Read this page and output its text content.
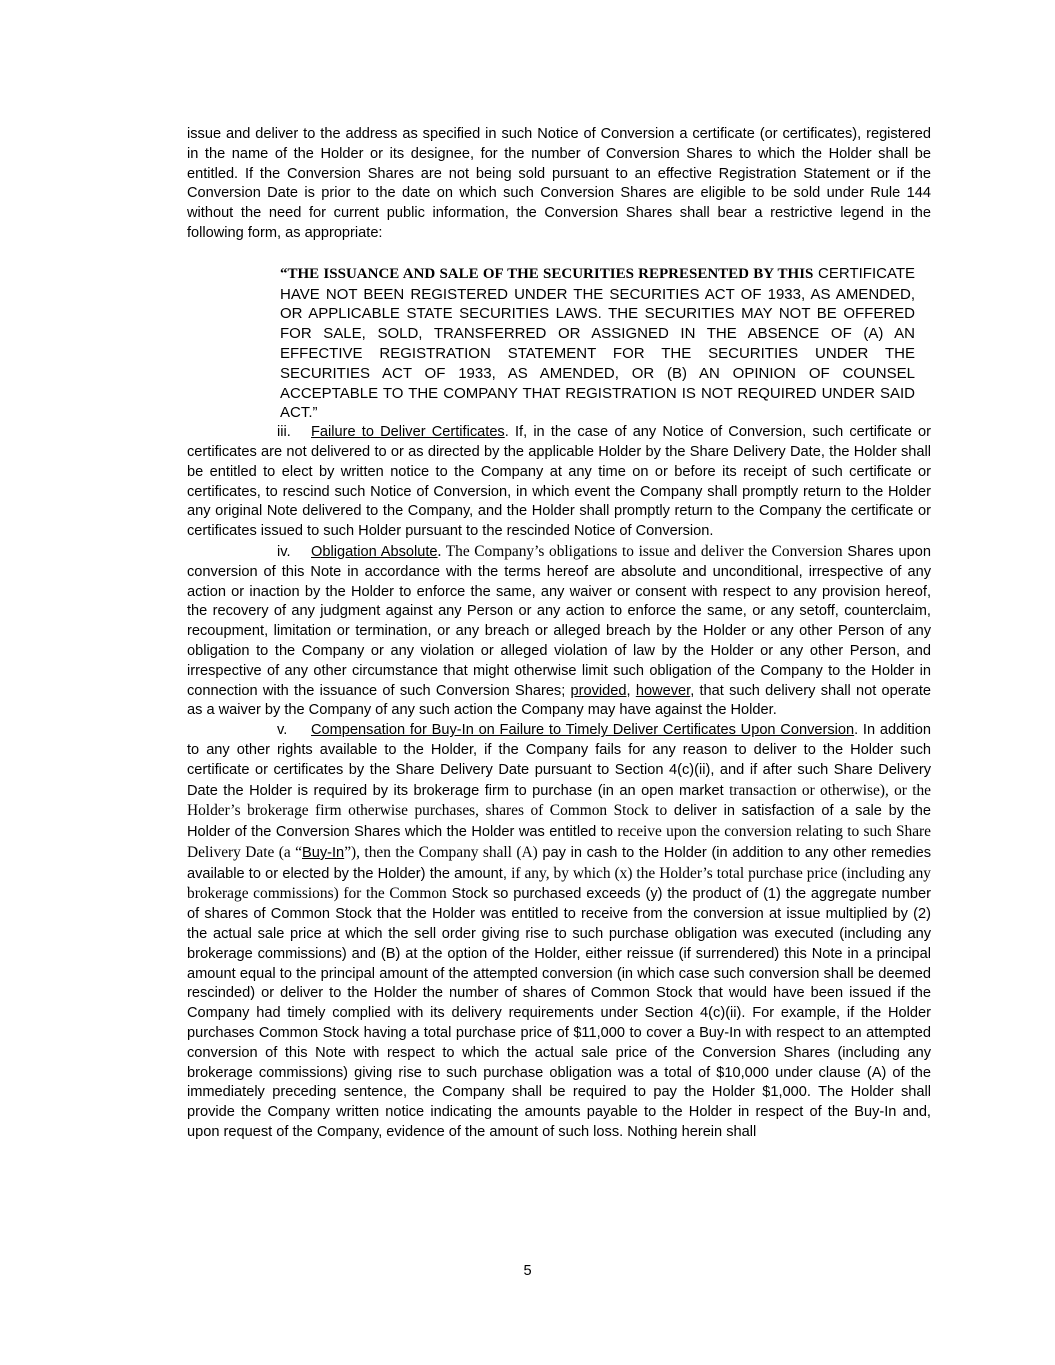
issue and deliver to the address as specified in such Notice of Conversion a certificate (or certificates), registered in the name of the Holder or its designee, for the number of Conversion Shares to which the Holder shall be entitled. If the Conversion Shares are not being sold pursuant to an effective Registration Statement or if the Conversion Date is prior to the date on which such Conversion Shares are eligible to be sold under Rule 144 without the need for current public information, the Conversion Shares shall bear a restrictive legend in the following form, as appropriate:

“THE ISSUANCE AND SALE OF THE SECURITIES REPRESENTED BY THIS CERTIFICATE HAVE NOT BEEN REGISTERED UNDER THE SECURITIES ACT OF 1933, AS AMENDED, OR APPLICABLE STATE SECURITIES LAWS. THE SECURITIES MAY NOT BE OFFERED FOR SALE, SOLD, TRANSFERRED OR ASSIGNED IN THE ABSENCE OF (A) AN EFFECTIVE REGISTRATION STATEMENT FOR THE SECURITIES UNDER THE SECURITIES ACT OF 1933, AS AMENDED, OR (B) AN OPINION OF COUNSEL ACCEPTABLE TO THE COMPANY THAT REGISTRATION IS NOT REQUIRED UNDER SAID ACT.”

iii. Failure to Deliver Certificates. If, in the case of any Notice of Conversion, such certificate or certificates are not delivered to or as directed by the applicable Holder by the Share Delivery Date, the Holder shall be entitled to elect by written notice to the Company at any time on or before its receipt of such certificate or certificates, to rescind such Notice of Conversion, in which event the Company shall promptly return to the Holder any original Note delivered to the Company, and the Holder shall promptly return to the Company the certificate or certificates issued to such Holder pursuant to the rescinded Notice of Conversion.

iv. Obligation Absolute. The Company’s obligations to issue and deliver the Conversion Shares upon conversion of this Note in accordance with the terms hereof are absolute and unconditional, irrespective of any action or inaction by the Holder to enforce the same, any waiver or consent with respect to any provision hereof, the recovery of any judgment against any Person or any action to enforce the same, or any setoff, counterclaim, recoupment, limitation or termination, or any breach or alleged breach by the Holder or any other Person of any obligation to the Company or any violation or alleged violation of law by the Holder or any other Person, and irrespective of any other circumstance that might otherwise limit such obligation of the Company to the Holder in connection with the issuance of such Conversion Shares; provided, however, that such delivery shall not operate as a waiver by the Company of any such action the Company may have against the Holder.

v. Compensation for Buy-In on Failure to Timely Deliver Certificates Upon Conversion. In addition to any other rights available to the Holder, if the Company fails for any reason to deliver to the Holder such certificate or certificates by the Share Delivery Date pursuant to Section 4(c)(ii), and if after such Share Delivery Date the Holder is required by its brokerage firm to purchase (in an open market transaction or otherwise), or the Holder’s brokerage firm otherwise purchases, shares of Common Stock to deliver in satisfaction of a sale by the Holder of the Conversion Shares which the Holder was entitled to receive upon the conversion relating to such Share Delivery Date (a “Buy-In”), then the Company shall (A) pay in cash to the Holder (in addition to any other remedies available to or elected by the Holder) the amount, if any, by which (x) the Holder’s total purchase price (including any brokerage commissions) for the Common Stock so purchased exceeds (y) the product of (1) the aggregate number of shares of Common Stock that the Holder was entitled to receive from the conversion at issue multiplied by (2) the actual sale price at which the sell order giving rise to such purchase obligation was executed (including any brokerage commissions) and (B) at the option of the Holder, either reissue (if surrendered) this Note in a principal amount equal to the principal amount of the attempted conversion (in which case such conversion shall be deemed rescinded) or deliver to the Holder the number of shares of Common Stock that would have been issued if the Company had timely complied with its delivery requirements under Section 4(c)(ii). For example, if the Holder purchases Common Stock having a total purchase price of $11,000 to cover a Buy-In with respect to an attempted conversion of this Note with respect to which the actual sale price of the Conversion Shares (including any brokerage commissions) giving rise to such purchase obligation was a total of $10,000 under clause (A) of the immediately preceding sentence, the Company shall be required to pay the Holder $1,000. The Holder shall provide the Company written notice indicating the amounts payable to the Holder in respect of the Buy-In and, upon request of the Company, evidence of the amount of such loss. Nothing herein shall

5
